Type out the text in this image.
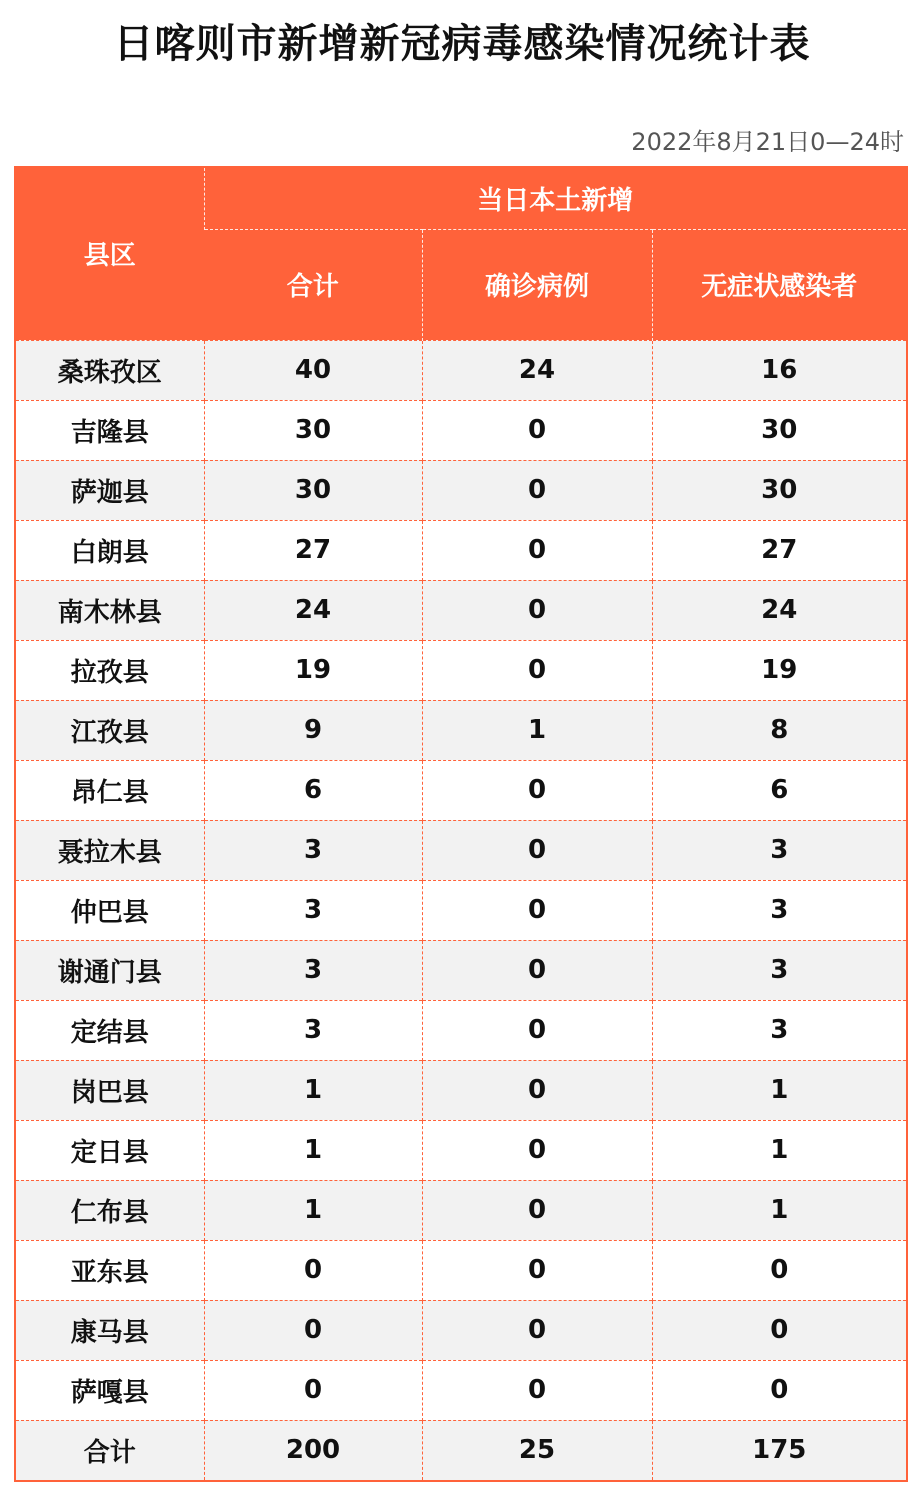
日喀则市新增新冠病毒感染情况统计表
2022年8月21日0—24时
县区	当日本土新增		
	合计	确诊病例	无症状感染者
桑珠孜区	40	24	16
吉隆县	30	0	30
萨迦县	30	0	30
白朗县	27	0	27
南木林县	24	0	24
拉孜县	19	0	19
江孜县	9	1	8
昂仁县	6	0	6
聂拉木县	3	0	3
仲巴县	3	0	3
谢通门县	3	0	3
定结县	3	0	3
岗巴县	1	0	1
定日县	1	0	1
仁布县	1	0	1
亚东县	0	0	0
康马县	0	0	0
萨嘎县	0	0	0
合计	200	25	175
